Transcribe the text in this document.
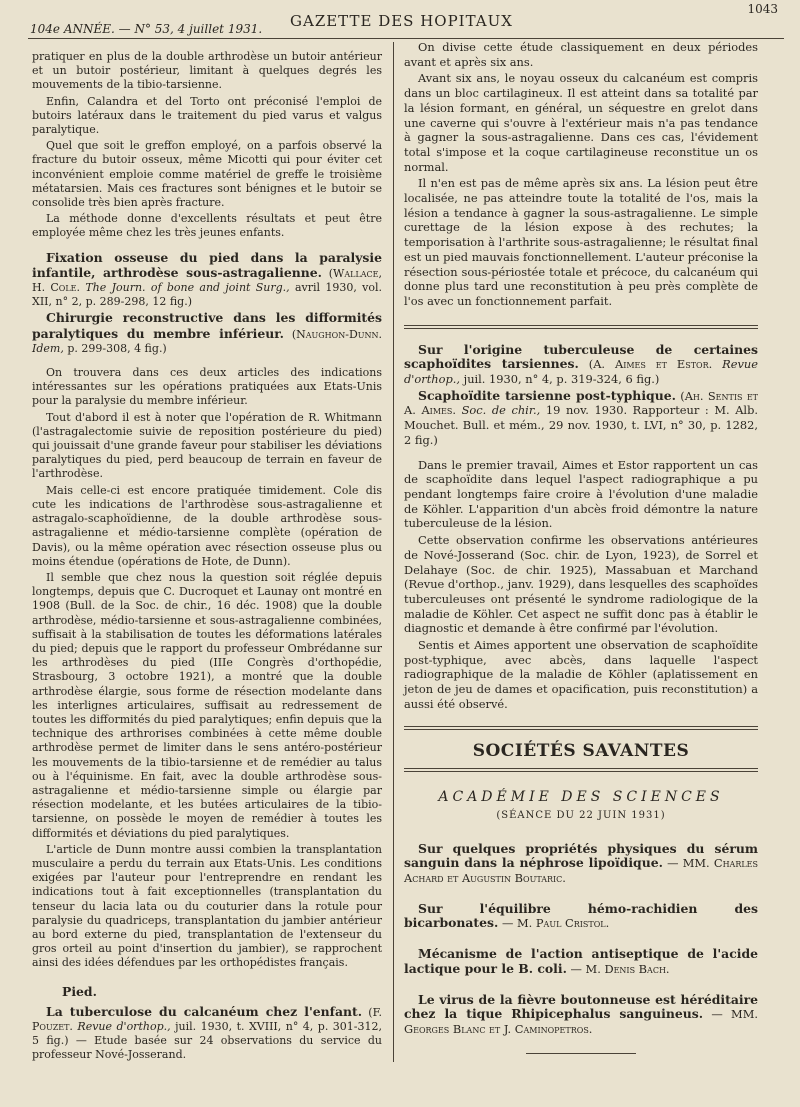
104e ANNÉE. — N° 53, 4 juillet 1931. GAZETTE DES HOPITAUX
1043

pratiquer en plus de la double arthrodèse un butoir antérieur et un butoir postérieur, limitant à quelques degrés les mouvements de la tibio-tarsienne.

Enfin, Calandra et del Torto ont préconisé l'emploi de butoirs latéraux dans le traitement du pied varus et valgus paralytique.

Quel que soit le greffon employé, on a parfois observé la fracture du butoir osseux, même Micotti qui pour éviter cet inconvénient emploie comme matériel de greffe le troisième métatarsien. Mais ces fractures sont bénignes et le butoir se consolide très bien après fracture.

La méthode donne d'excellents résultats et peut être employée même chez les très jeunes enfants.

Fixation osseuse du pied dans la paralysie infantile, arthrodèse sous-astragalienne. (Wallace, H. Cole. The Journ. of bone and joint Surg., avril 1930, vol. XII, n° 2, p. 289-298, 12 fig.)

Chirurgie reconstructive dans les difformités paralytiques du membre inférieur. (Naughon-Dunn. Idem, p. 299-308, 4 fig.)

On trouvera dans ces deux articles des indications intéressantes sur les opérations pratiquées aux Etats-Unis pour la paralysie du membre inférieur.

Tout d'abord il est à noter que l'opération de R. Whitmann (l'astragalectomie suivie de reposition postérieure du pied) qui jouissait d'une grande faveur pour stabiliser les déviations paralytiques du pied, perd beaucoup de terrain en faveur de l'arthrodèse.

Mais celle-ci est encore pratiquée timidement. Cole dis cute les indications de l'arthrodèse sous-astragalienne et astragalo-scaphoïdienne, de la double arthrodèse sous-astragalienne et médio-tarsienne complète (opération de Davis), ou la même opération avec résection osseuse plus ou moins étendue (opérations de Hote, de Dunn).

Il semble que chez nous la question soit réglée depuis longtemps, depuis que C. Ducroquet et Launay ont montré en 1908 (Bull. de la Soc. de chir., 16 déc. 1908) que la double arthrodèse, médio-tarsienne et sous-astragalienne combinées, suffisait à la stabilisation de toutes les déformations latérales du pied; depuis que le rapport du professeur Ombrédanne sur les arthrodèses du pied (IIIe Congrès d'orthopédie, Strasbourg, 3 octobre 1921), a montré que la double arthrodèse élargie, sous forme de résection modelante dans les interlignes articulaires, suffisait au redressement de toutes les difformités du pied paralytiques; enfin depuis que la technique des arthrorises combinées à cette même double arthrodèse permet de limiter dans le sens antéro-postérieur les mouvements de la tibio-tarsienne et de remédier au talus ou à l'équinisme. En fait, avec la double arthrodèse sous-astragalienne et médio-tarsienne simple ou élargie par résection modelante, et les butées articulaires de la tibio-tarsienne, on possède le moyen de remédier à toutes les difformités et déviations du pied paralytiques.

L'article de Dunn montre aussi combien la transplantation musculaire a perdu du terrain aux Etats-Unis. Les conditions exigées par l'auteur pour l'entreprendre en rendant les indications tout à fait exceptionnelles (transplantation du tenseur du lacia lata ou du couturier dans la rotule pour paralysie du quadriceps, transplantation du jambier antérieur au bord externe du pied, transplantation de l'extenseur du gros orteil au point d'insertion du jambier), se rapprochent ainsi des idées défendues par les orthopédistes français.

Pied.

La tuberculose du calcanéum chez l'enfant. (F. Pouzet. Revue d'orthop., juil. 1930, t. XVIII, n° 4, p. 301-312, 5 fig.) — Etude basée sur 24 observations du service du professeur Nové-Josserand.

On divise cette étude classiquement en deux périodes avant et après six ans.

Avant six ans, le noyau osseux du calcanéum est compris dans un bloc cartilagineux. Il est atteint dans sa totalité par la lésion formant, en général, un séquestre en grelot dans une caverne qui s'ouvre à l'extérieur mais n'a pas tendance à gagner la sous-astragalienne. Dans ces cas, l'évidement total s'impose et la coque cartilagineuse reconstitue un os normal.

Il n'en est pas de même après six ans. La lésion peut être localisée, ne pas atteindre toute la totalité de l'os, mais la lésion a tendance à gagner la sous-astragalienne. Le simple curettage de la lésion expose à des rechutes; la temporisation à l'arthrite sous-astragalienne; le résultat final est un pied mauvais fonctionnellement. L'auteur préconise la résection sous-périostée totale et précoce, du calcanéum qui donne plus tard une reconstitution à peu près complète de l'os avec un fonctionnement parfait.

Sur l'origine tuberculeuse de certaines scaphoïdites tarsiennes. (A. Aimes et Estor. Revue d'orthop., juil. 1930, n° 4, p. 319-324, 6 fig.)

Scaphoïdite tarsienne post-typhique. (Ah. Sentis et A. Aimes. Soc. de chir., 19 nov. 1930. Rapporteur : M. Alb. Mouchet. Bull. et mém., 29 nov. 1930, t. LVI, n° 30, p. 1282, 2 fig.)

Dans le premier travail, Aimes et Estor rapportent un cas de scaphoïdite dans lequel l'aspect radiographique a pu pendant longtemps faire croire à l'évolution d'une maladie de Köhler. L'apparition d'un abcès froid démontre la nature tuberculeuse de la lésion.

Cette observation confirme les observations antérieures de Nové-Josserand (Soc. chir. de Lyon, 1923), de Sorrel et Delahaye (Soc. de chir. 1925), Massabuan et Marchand (Revue d'orthop., janv. 1929), dans lesquelles des scaphoïdes tuberculeuses ont présenté le syndrome radiologique de la maladie de Köhler. Cet aspect ne suffit donc pas à établir le diagnostic et demande à être confirmé par l'évolution.

Sentis et Aimes apportent une observation de scaphoïdite post-typhique, avec abcès, dans laquelle l'aspect radiographique de la maladie de Köhler (aplatissement en jeton de jeu de dames et opacification, puis reconstitution) a aussi été observé.

SOCIÉTÉS SAVANTES
ACADÉMIE DES SCIENCES
(SÉANCE DU 22 JUIN 1931)

Sur quelques propriétés physiques du sérum sanguin dans la néphrose lipoïdique. — MM. Charles Achard et Augustin Boutaric.

Sur l'équilibre hémo-rachidien des bicarbonates. — M. Paul Cristol.

Mécanisme de l'action antiseptique de l'acide lactique pour le B. coli. — M. Denis Bach.

Le virus de la fièvre boutonneuse est héréditaire chez la tique Rhipicephalus sanguineus. — MM. Georges Blanc et J. Caminopetros.
